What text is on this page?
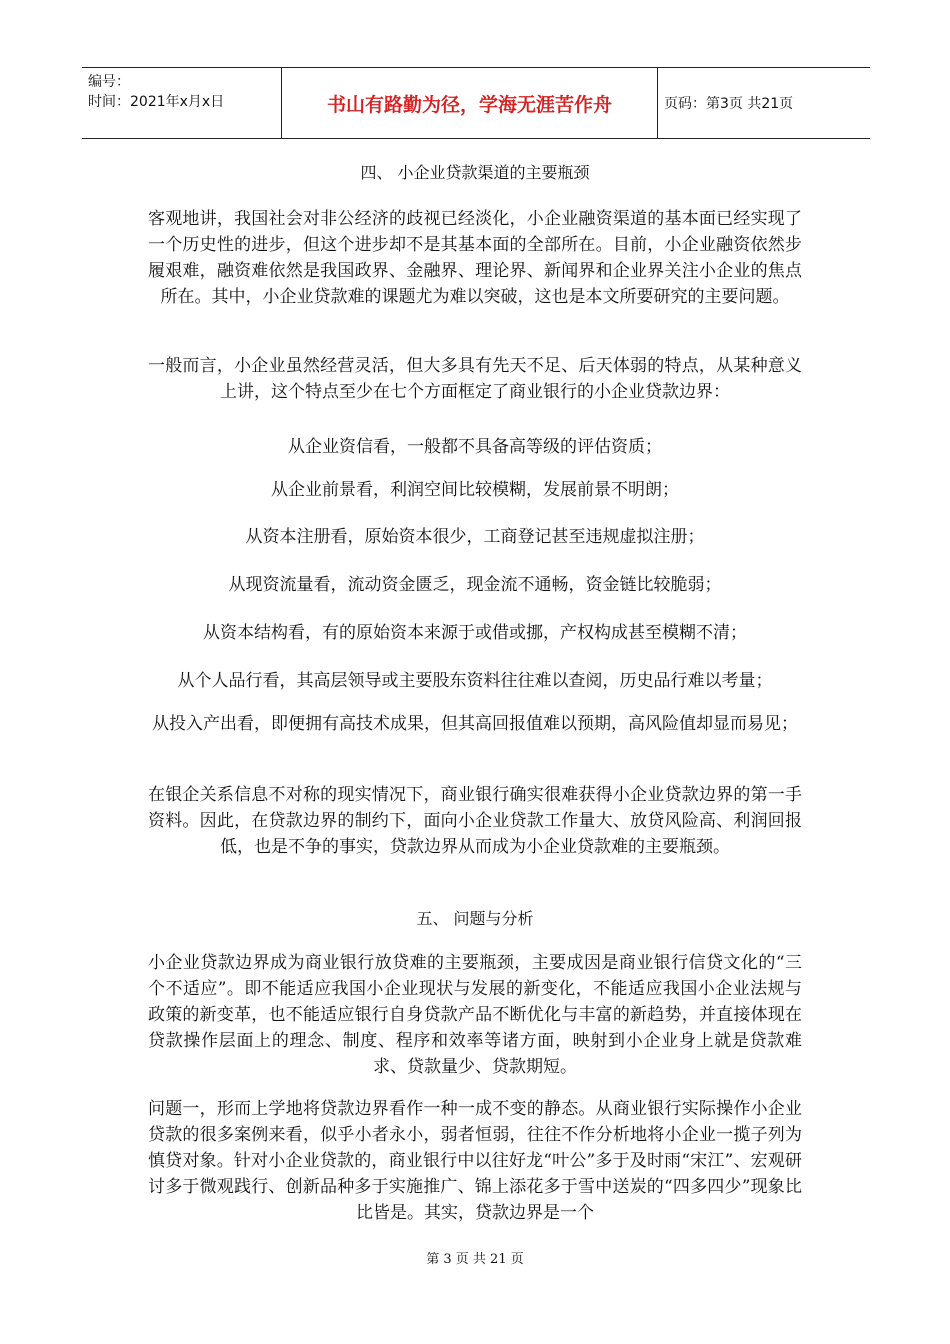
编号：
时间：2021年x月x日	书山有路勤为径，学海无涯苦作舟	页码：第3页 共21页
四、 小企业贷款渠道的主要瓶颈
客观地讲，我国社会对非公经济的歧视已经淡化，小企业融资渠道的基本面已经实现了一个历史性的进步，但这个进步却不是其基本面的全部所在。目前，小企业融资依然步履艰难，融资难依然是我国政界、金融界、理论界、新闻界和企业界关注小企业的焦点所在。其中，小企业贷款难的课题尤为难以突破，这也是本文所要研究的主要问题。
一般而言，小企业虽然经营灵活，但大多具有先天不足、后天体弱的特点，从某种意义上讲，这个特点至少在七个方面框定了商业银行的小企业贷款边界：
从企业资信看，一般都不具备高等级的评估资质；
从企业前景看，利润空间比较模糊，发展前景不明朗；
从资本注册看，原始资本很少，工商登记甚至违规虚拟注册；
从现资流量看，流动资金匮乏，现金流不通畅，资金链比较脆弱；
从资本结构看，有的原始资本来源于或借或挪，产权构成甚至模糊不清；
从个人品行看，其高层领导或主要股东资料往往难以查阅，历史品行难以考量；
从投入产出看，即便拥有高技术成果，但其高回报值难以预期，高风险值却显而易见；
在银企关系信息不对称的现实情况下，商业银行确实很难获得小企业贷款边界的第一手资料。因此，在贷款边界的制约下，面向小企业贷款工作量大、放贷风险高、利润回报低，也是不争的事实，贷款边界从而成为小企业贷款难的主要瓶颈。
五、 问题与分析
小企业贷款边界成为商业银行放贷难的主要瓶颈，主要成因是商业银行信贷文化的“三个不适应”。即不能适应我国小企业现状与发展的新变化，不能适应我国小企业法规与政策的新变革，也不能适应银行自身贷款产品不断优化与丰富的新趋势，并直接体现在贷款操作层面上的理念、制度、程序和效率等诸方面，映射到小企业身上就是贷款难求、贷款量少、贷款期短。
问题一，形而上学地将贷款边界看作一种一成不变的静态。从商业银行实际操作小企业贷款的很多案例来看，似乎小者永小，弱者恒弱，往往不作分析地将小企业一揽子列为慎贷对象。针对小企业贷款的，商业银行中以往好龙“叶公”多于及时雨“宋江”、宏观研讨多于微观践行、创新品种多于实施推广、锦上添花多于雪中送炭的“四多四少”现象比比皆是。其实，贷款边界是一个
第 3 页 共 21 页
